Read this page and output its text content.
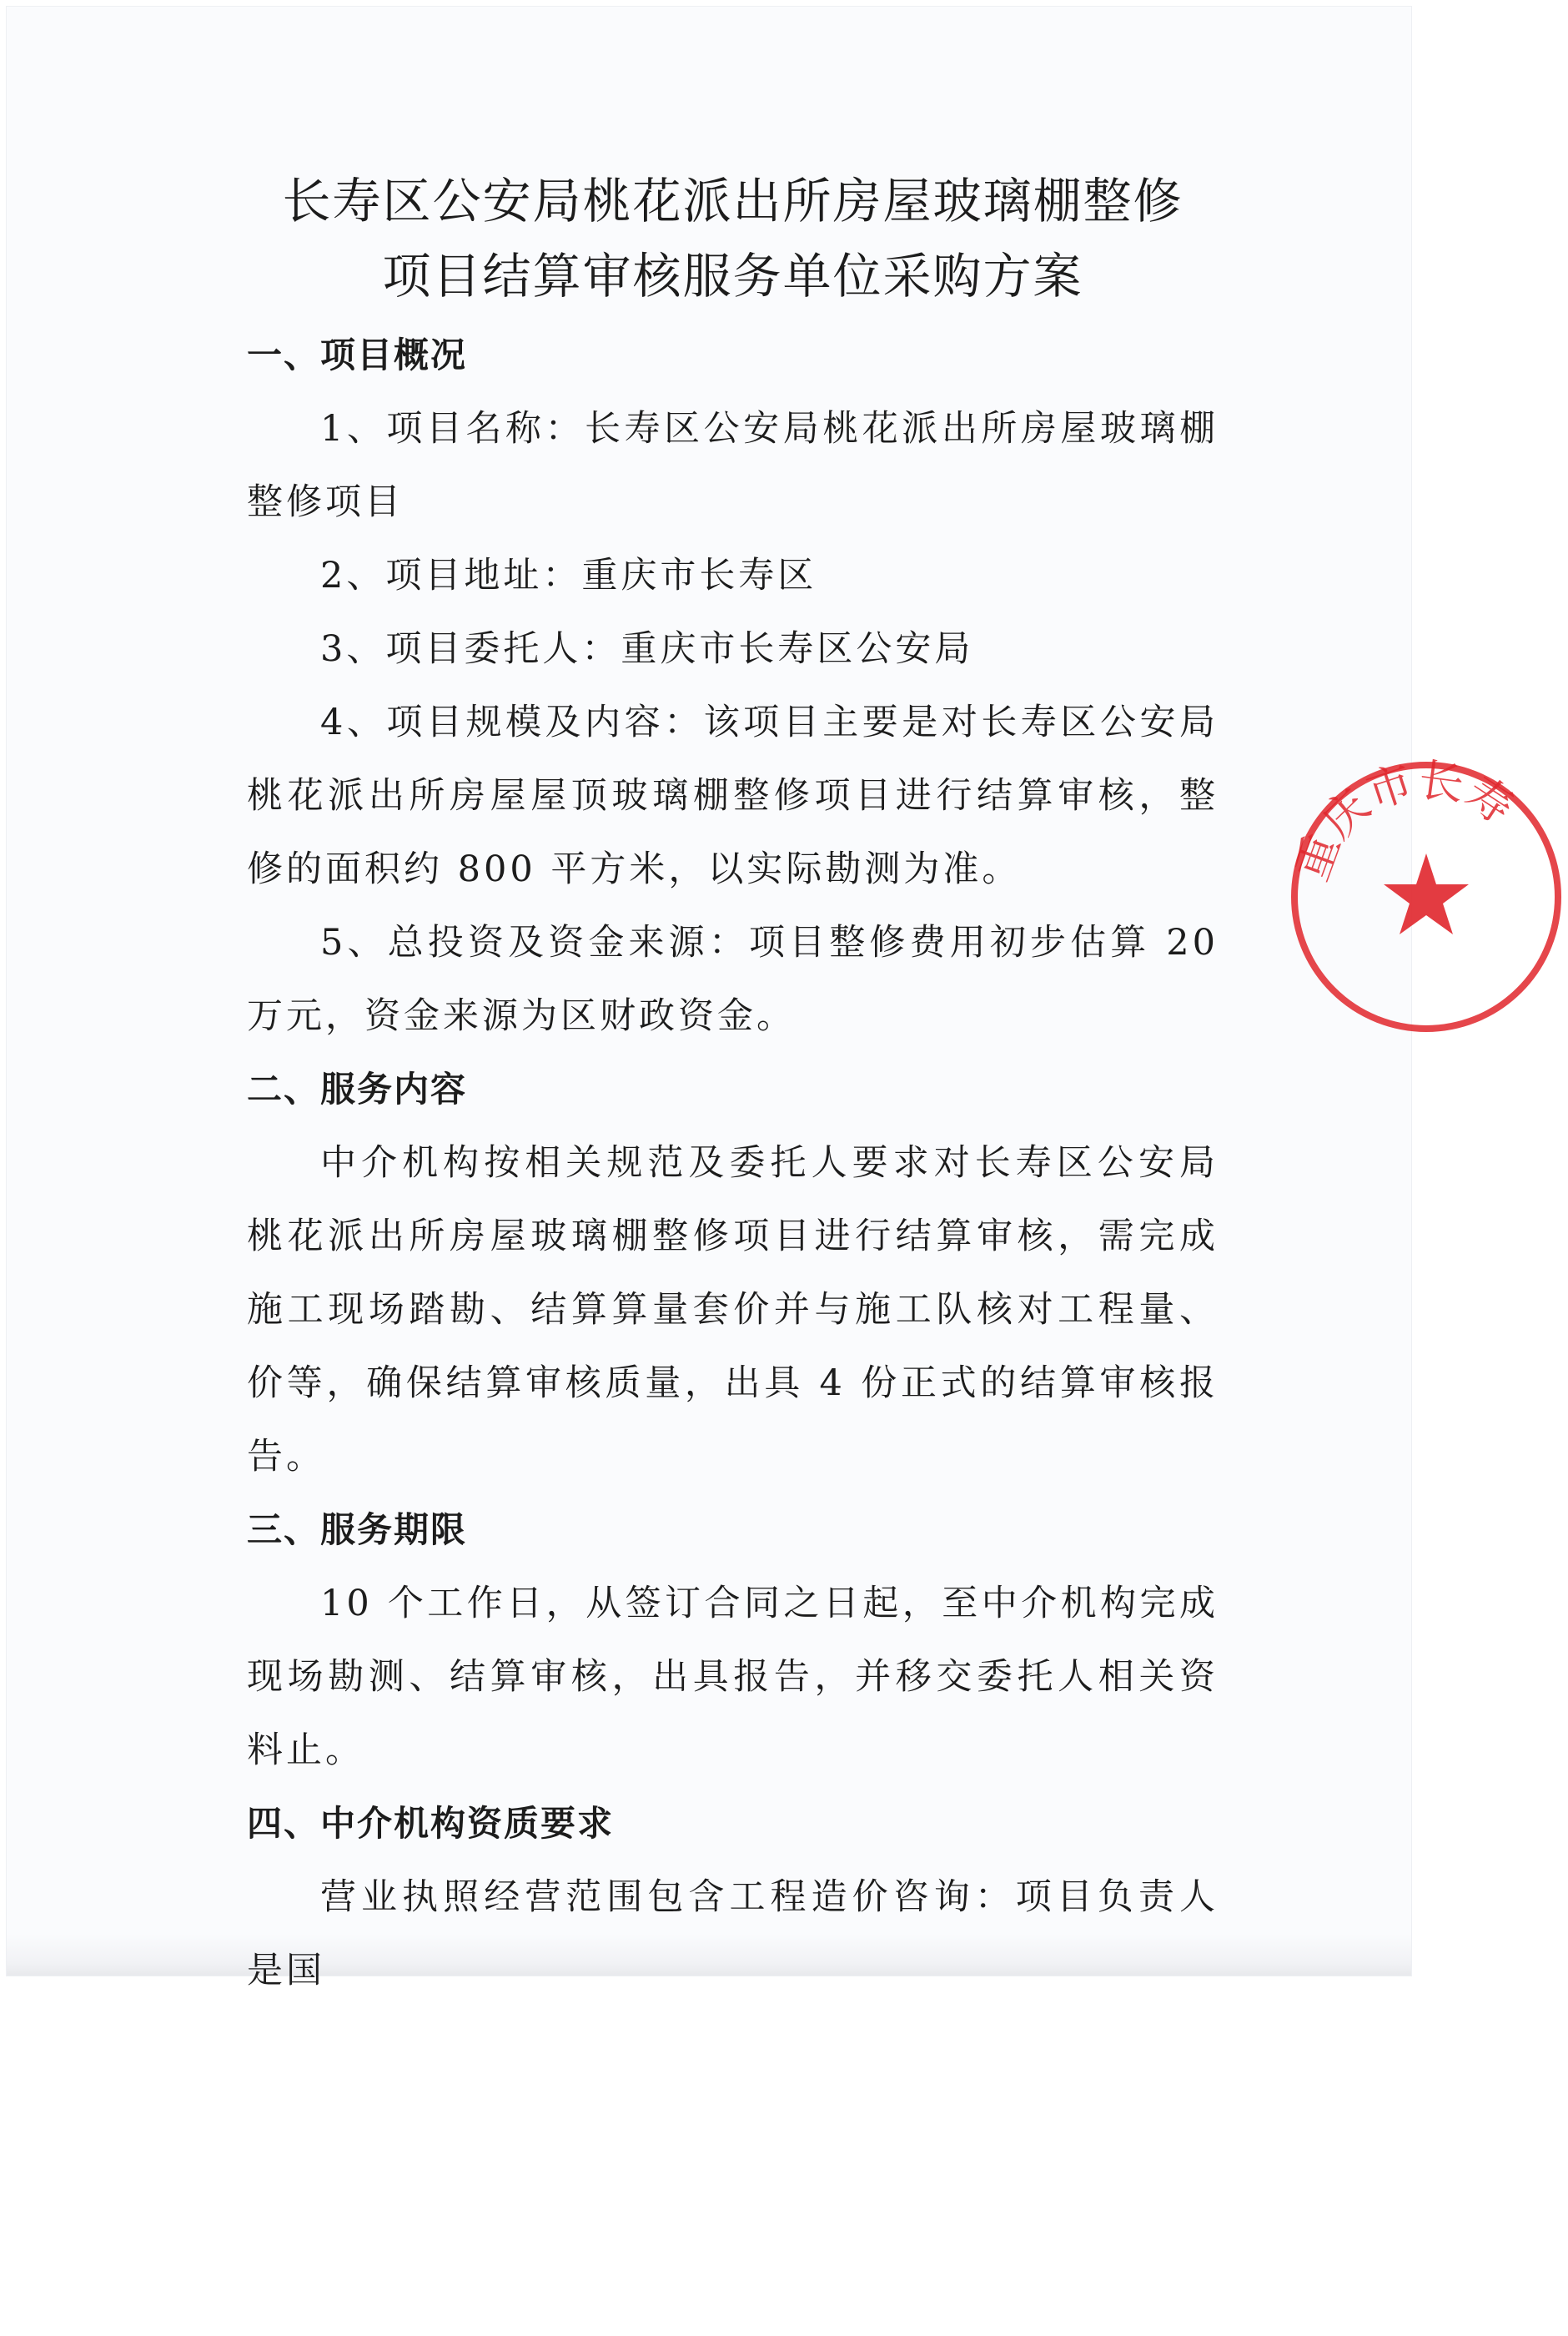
长寿区公安局桃花派出所房屋玻璃棚整修
项目结算审核服务单位采购方案
一、项目概况

1、项目名称：长寿区公安局桃花派出所房屋玻璃棚整修项目

2、项目地址：重庆市长寿区

3、项目委托人：重庆市长寿区公安局

4、项目规模及内容：该项目主要是对长寿区公安局桃花派出所房屋屋顶玻璃棚整修项目进行结算审核，整修的面积约 800 平方米，以实际勘测为准。

5、总投资及资金来源：项目整修费用初步估算 20 万元，资金来源为区财政资金。

二、服务内容

中介机构按相关规范及委托人要求对长寿区公安局桃花派出所房屋玻璃棚整修项目进行结算审核，需完成施工现场踏勘、结算算量套价并与施工队核对工程量、价等，确保结算审核质量，出具 4 份正式的结算审核报告。

三、服务期限

10 个工作日，从签订合同之日起，至中介机构完成现场勘测、结算审核，出具报告，并移交委托人相关资料止。

四、中介机构资质要求

营业执照经营范围包含工程造价咨询：项目负责人是国

重庆市长寿
